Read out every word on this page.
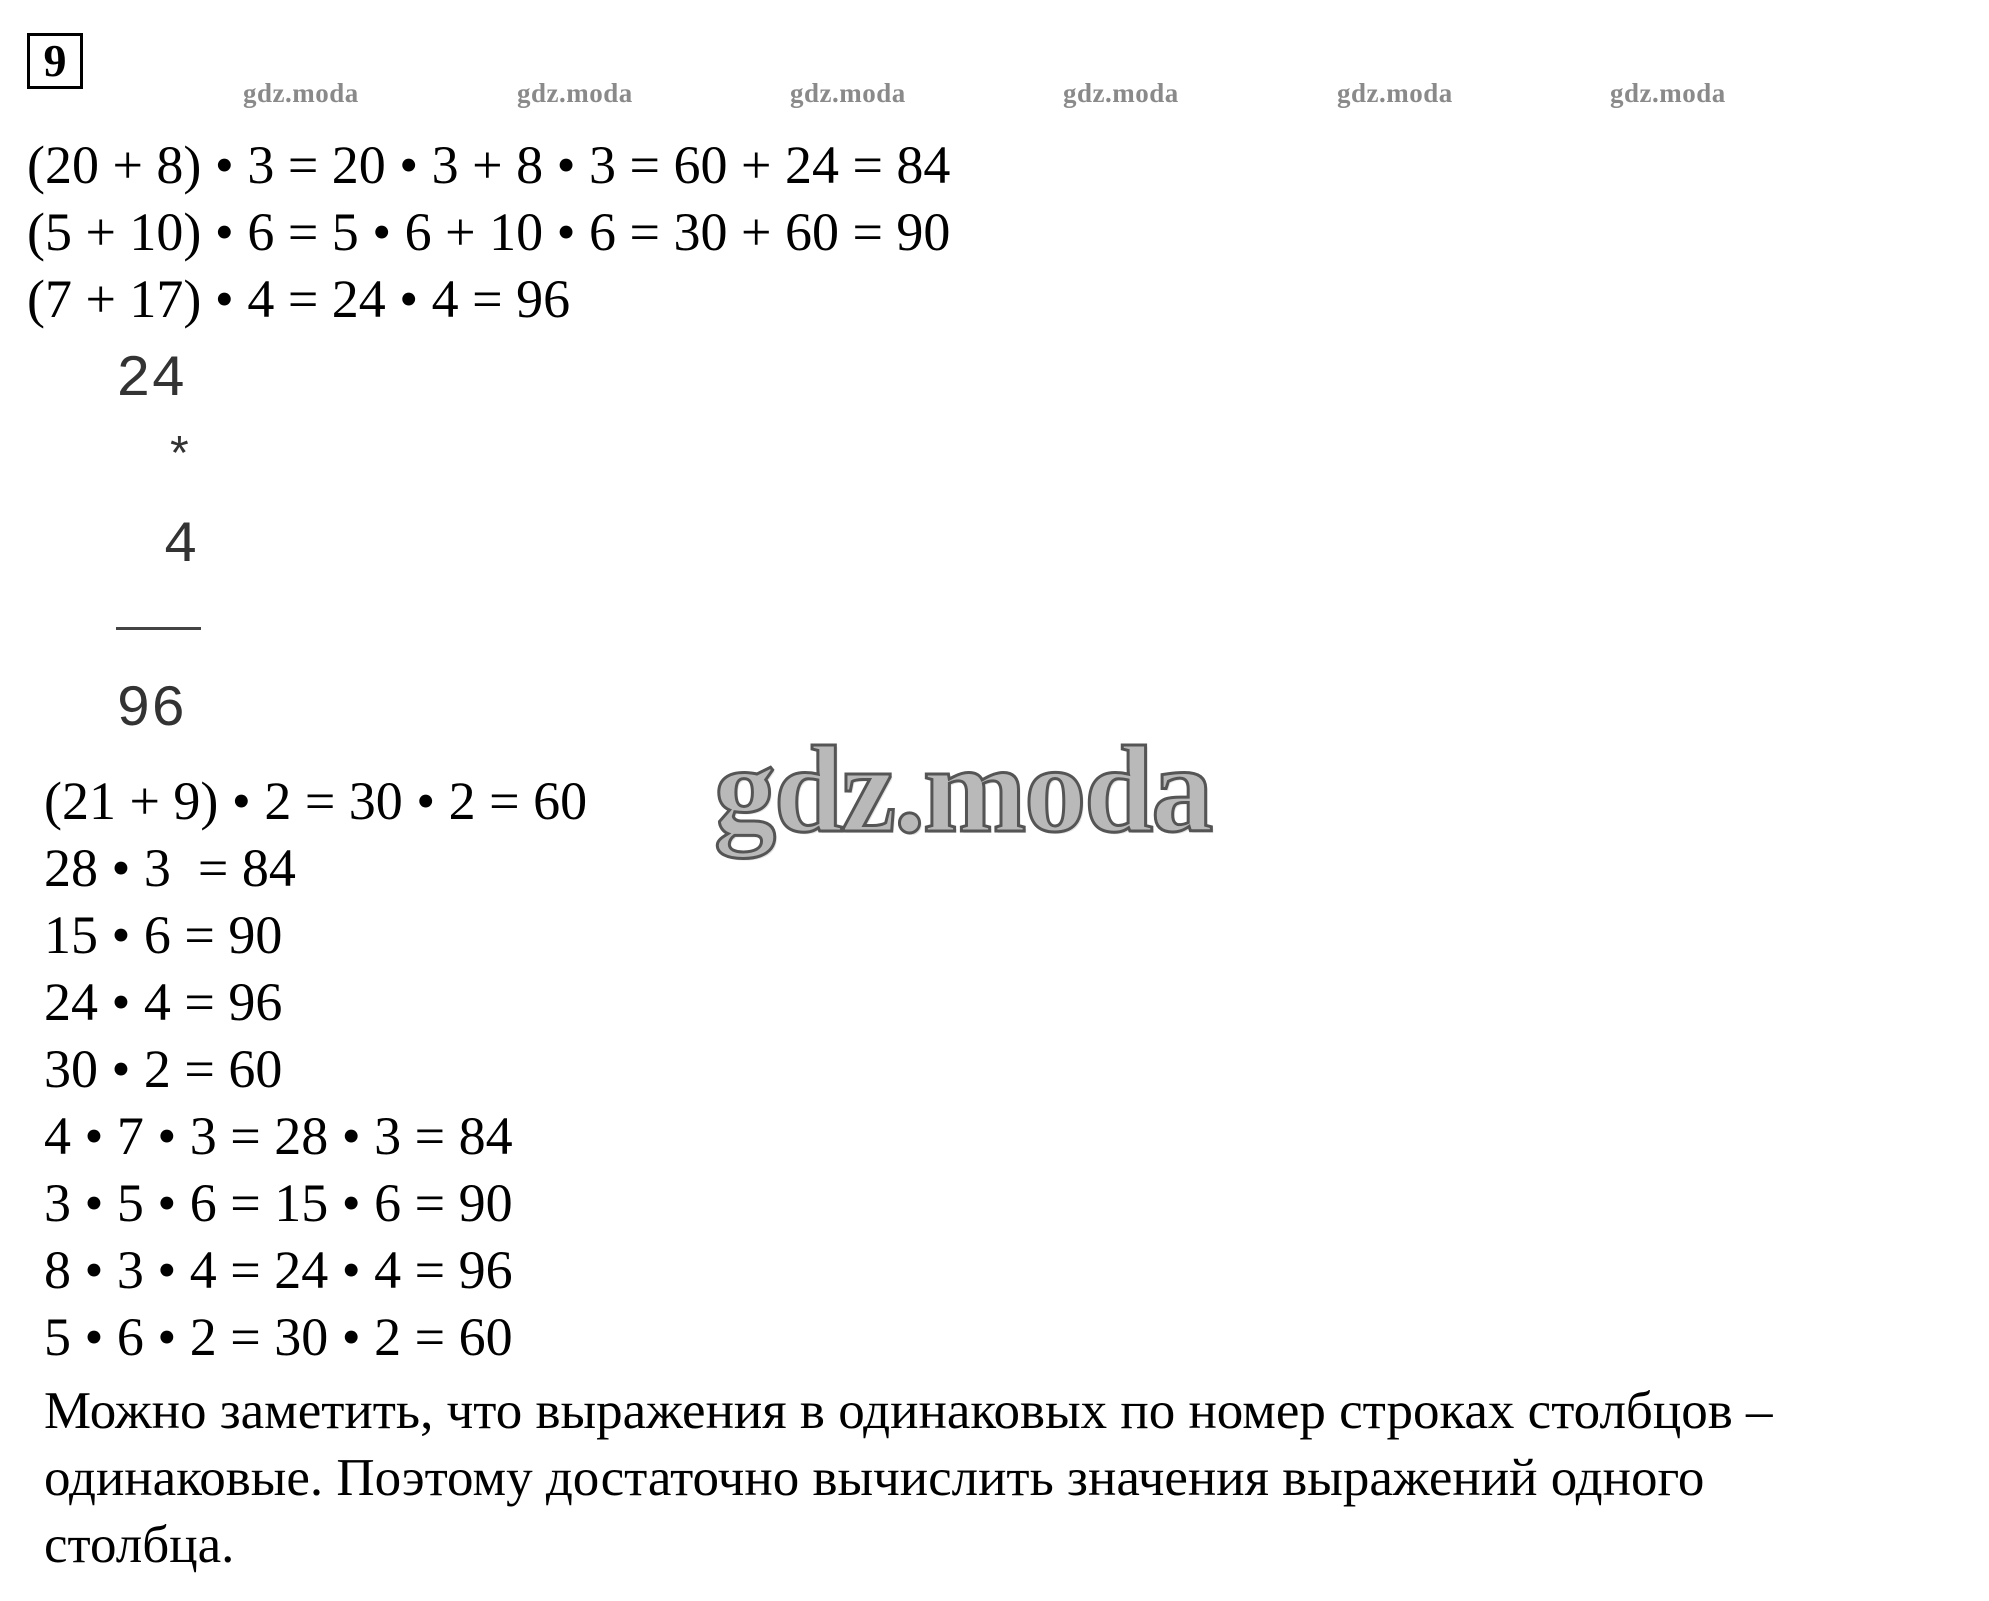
9
gdz.moda	gdz.moda	gdz.moda	gdz.moda	gdz.moda	gdz.moda
(20 + 8) • 3 = 20 • 3 + 8 • 3 = 60 + 24 = 84
(5 + 10) • 6 = 5 • 6 + 10 • 6 = 30 + 60 = 90
(7 + 17) • 4 = 24 • 4 = 96
24
*
4
96
gdz.moda
(21 + 9) • 2 = 30 • 2 = 60
28 • 3  = 84
15 • 6 = 90
24 • 4 = 96
30 • 2 = 60
4 • 7 • 3 = 28 • 3 = 84
3 • 5 • 6 = 15 • 6 = 90
8 • 3 • 4 = 24 • 4 = 96
5 • 6 • 2 = 30 • 2 = 60
Можно заметить, что выражения в одинаковых по номер строках столбцов –
одинаковые. Поэтому достаточно вычислить значения выражений одного
столбца.
